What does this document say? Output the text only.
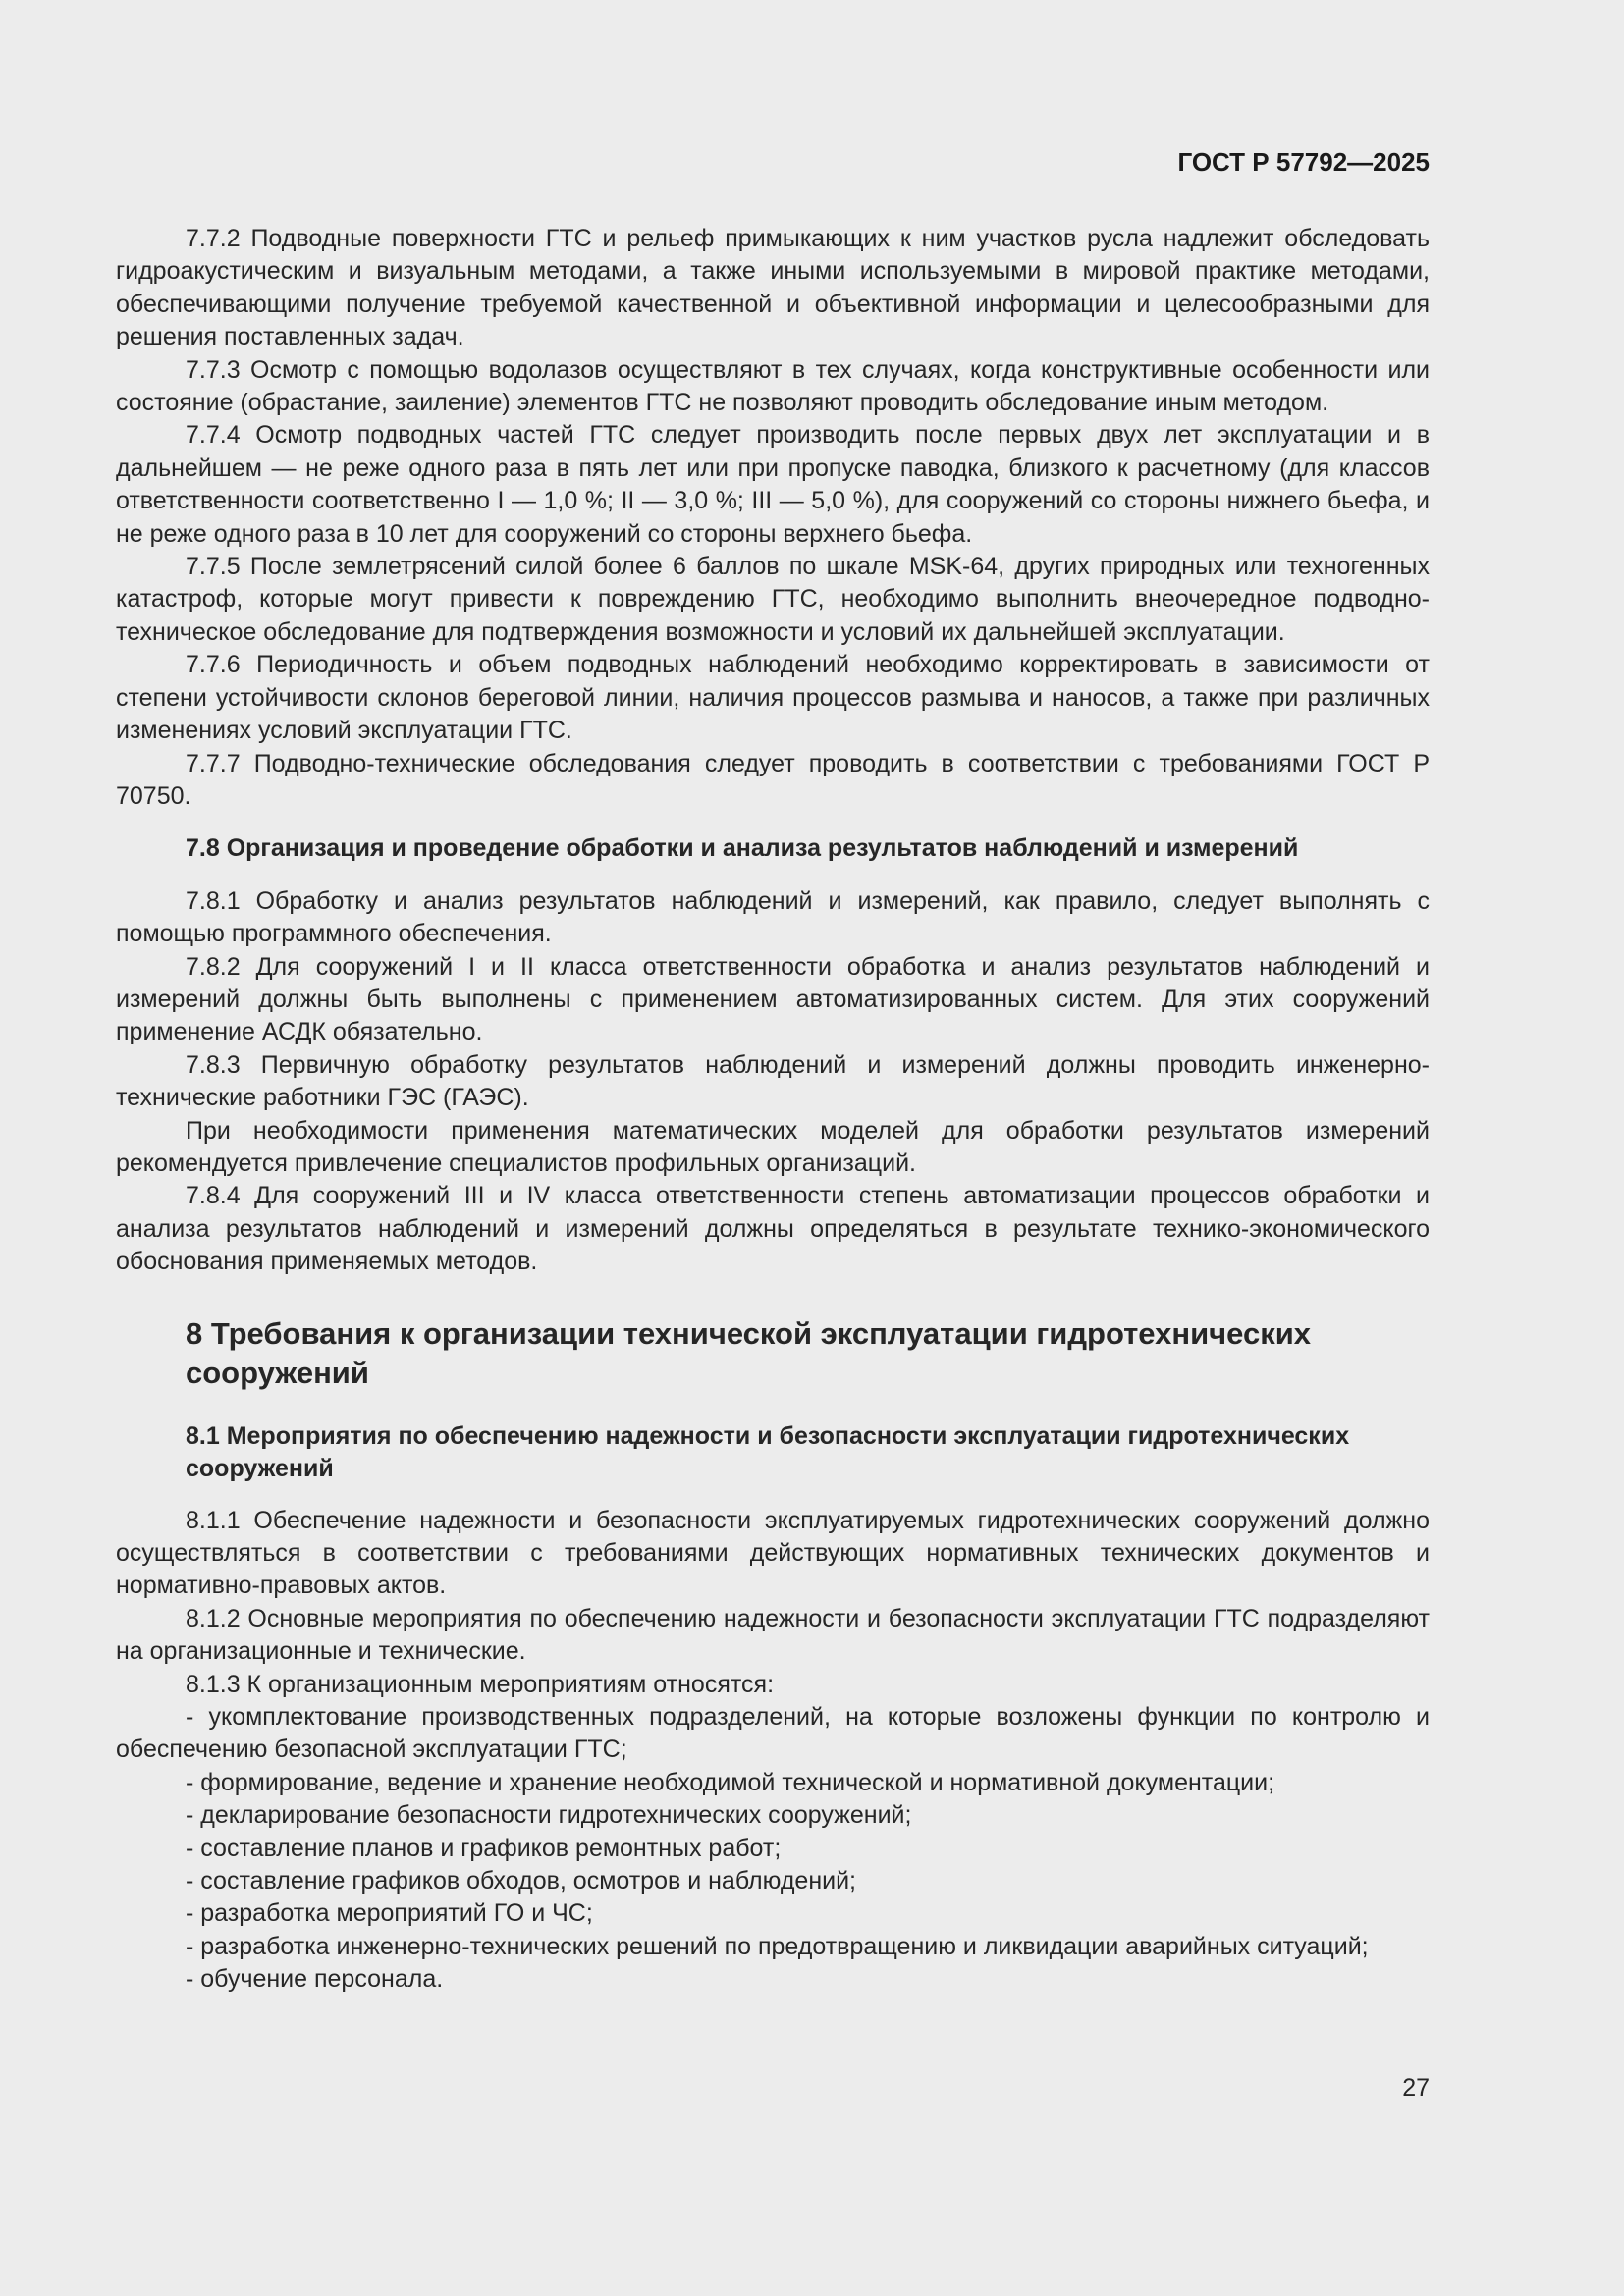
ГОСТ Р 57792—2025

7.7.2 Подводные поверхности ГТС и рельеф примыкающих к ним участков русла надлежит обследовать гидроакустическим и визуальным методами, а также иными используемыми в мировой практике методами, обеспечивающими получение требуемой качественной и объективной информации и целесообразными для решения поставленных задач.

7.7.3 Осмотр с помощью водолазов осуществляют в тех случаях, когда конструктивные особенности или состояние (обрастание, заиление) элементов ГТС не позволяют проводить обследование иным методом.

7.7.4 Осмотр подводных частей ГТС следует производить после первых двух лет эксплуатации и в дальнейшем — не реже одного раза в пять лет или при пропуске паводка, близкого к расчетному (для классов ответственности соответственно I — 1,0 %; II — 3,0 %; III — 5,0 %), для сооружений со стороны нижнего бьефа, и не реже одного раза в 10 лет для сооружений со стороны верхнего бьефа.

7.7.5 После землетрясений силой более 6 баллов по шкале MSK-64, других природных или техногенных катастроф, которые могут привести к повреждению ГТС, необходимо выполнить внеочередное подводно-техническое обследование для подтверждения возможности и условий их дальнейшей эксплуатации.

7.7.6 Периодичность и объем подводных наблюдений необходимо корректировать в зависимости от степени устойчивости склонов береговой линии, наличия процессов размыва и наносов, а также при различных изменениях условий эксплуатации ГТС.

7.7.7 Подводно-технические обследования следует проводить в соответствии с требованиями ГОСТ Р 70750.

7.8 Организация и проведение обработки и анализа результатов наблюдений и измерений

7.8.1 Обработку и анализ результатов наблюдений и измерений, как правило, следует выполнять с помощью программного обеспечения.

7.8.2 Для сооружений I и II класса ответственности обработка и анализ результатов наблюдений и измерений должны быть выполнены с применением автоматизированных систем. Для этих сооружений применение АСДК обязательно.

7.8.3 Первичную обработку результатов наблюдений и измерений должны проводить инженерно-технические работники ГЭС (ГАЭС).

При необходимости применения математических моделей для обработки результатов измерений рекомендуется привлечение специалистов профильных организаций.

7.8.4 Для сооружений III и IV класса ответственности степень автоматизации процессов обработки и анализа результатов наблюдений и измерений должны определяться в результате технико-экономического обоснования применяемых методов.

8 Требования к организации технической эксплуатации гидротехнических сооружений
8.1 Мероприятия по обеспечению надежности и безопасности эксплуатации гидротехнических сооружений

8.1.1 Обеспечение надежности и безопасности эксплуатируемых гидротехнических сооружений должно осуществляться в соответствии с требованиями действующих нормативных технических документов и нормативно-правовых актов.

8.1.2 Основные мероприятия по обеспечению надежности и безопасности эксплуатации ГТС подразделяют на организационные и технические.

8.1.3 К организационным мероприятиям относятся:

- укомплектование производственных подразделений, на которые возложены функции по контролю и обеспечению безопасной эксплуатации ГТС;
- формирование, ведение и хранение необходимой технической и нормативной документации;
- декларирование безопасности гидротехнических сооружений;
- составление планов и графиков ремонтных работ;
- составление графиков обходов, осмотров и наблюдений;
- разработка мероприятий ГО и ЧС;
- разработка инженерно-технических решений по предотвращению и ликвидации аварийных ситуаций;
- обучение персонала.
27
